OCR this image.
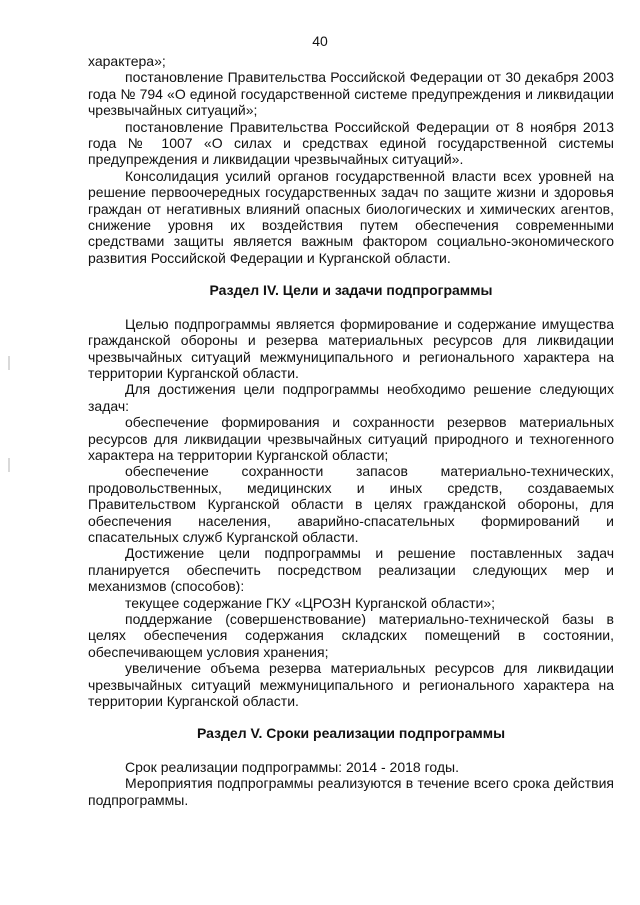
40

характера»;

постановление Правительства Российской Федерации от 30 декабря 2003 года № 794 «О единой государственной системе предупреждения и ликвидации чрезвычайных ситуаций»;

постановление Правительства Российской Федерации от 8 ноября 2013 года № 1007 «О силах и средствах единой государственной системы предупреждения и ликвидации чрезвычайных ситуаций».

Консолидация усилий органов государственной власти всех уровней на решение первоочередных государственных задач по защите жизни и здоровья граждан от негативных влияний опасных биологических и химических агентов, снижение уровня их воздействия путем обеспечения современными средствами защиты является важным фактором социально-экономического развития Российской Федерации и Курганской области.

Раздел IV. Цели и задачи подпрограммы

Целью подпрограммы является формирование и содержание имущества гражданской обороны и резерва материальных ресурсов для ликвидации чрезвычайных ситуаций межмуниципального и регионального характера на территории Курганской области.

Для достижения цели подпрограммы необходимо решение следующих задач:

обеспечение формирования и сохранности резервов материальных ресурсов для ликвидации чрезвычайных ситуаций природного и техногенного характера на территории Курганской области;

обеспечение сохранности запасов материально-технических, продовольственных, медицинских и иных средств, создаваемых Правительством Курганской области в целях гражданской обороны, для обеспечения населения, аварийно-спасательных формирований и спасательных служб Курганской области.

Достижение цели подпрограммы и решение поставленных задач планируется обеспечить посредством реализации следующих мер и механизмов (способов):

текущее содержание ГКУ «ЦРОЗН Курганской области»;

поддержание (совершенствование) материально-технической базы в целях обеспечения содержания складских помещений в состоянии, обеспечивающем условия хранения;

увеличение объема резерва материальных ресурсов для ликвидации чрезвычайных ситуаций межмуниципального и регионального характера на территории Курганской области.

Раздел V. Сроки реализации подпрограммы

Срок реализации подпрограммы: 2014 - 2018 годы.

Мероприятия подпрограммы реализуются в течение всего срока действия подпрограммы.
